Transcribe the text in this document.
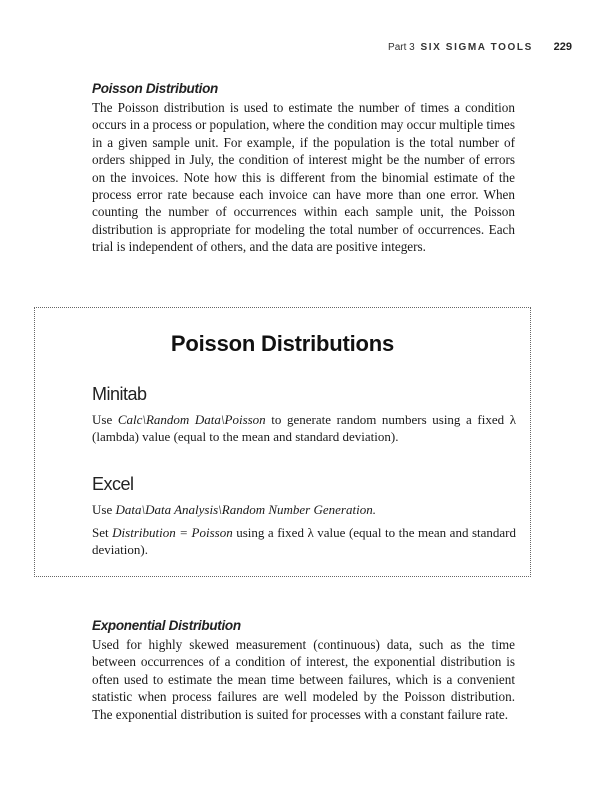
Part 3 SIX SIGMA TOOLS 229
Poisson Distribution

The Poisson distribution is used to estimate the number of times a condition occurs in a process or population, where the condition may occur multiple times in a given sample unit. For example, if the population is the total number of orders shipped in July, the condition of interest might be the number of errors on the invoices. Note how this is different from the binomial estimate of the process error rate because each invoice can have more than one error. When counting the number of occurrences within each sample unit, the Poisson distribution is appropriate for modeling the total number of occurrences. Each trial is independent of others, and the data are positive integers.

Poisson Distributions
Minitab

Use Calc\Random Data\Poisson to generate random numbers using a fixed λ (lambda) value (equal to the mean and standard deviation).

Excel

Use Data\Data Analysis\Random Number Generation.

Set Distribution = Poisson using a fixed λ value (equal to the mean and standard deviation).

Exponential Distribution

Used for highly skewed measurement (continuous) data, such as the time between occurrences of a condition of interest, the exponential distribution is often used to estimate the mean time between failures, which is a convenient statistic when process failures are well modeled by the Poisson distribution. The exponential distribution is suited for processes with a constant failure rate.
